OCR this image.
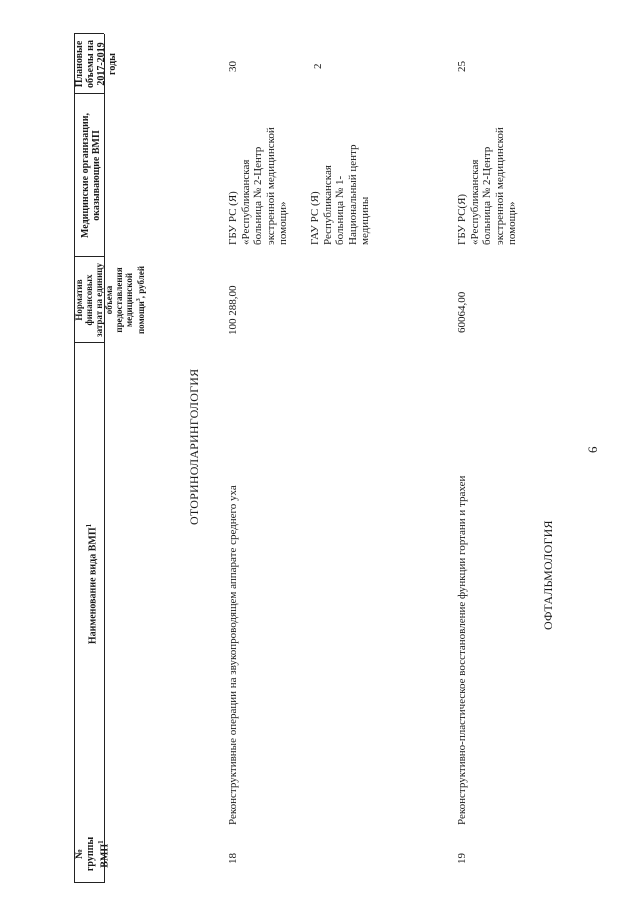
6
№ группы ВМП$^1$
Наименование вида ВМП$^1$
Норматив финансовых затрат на единицу объема предоставления медицинской помощи$^3$, рублей
Медицинские организации, оказывающие ВМП
Плановые объемы на 2017-2019 годы
ОТОРИНОЛАРИНГОЛОГИЯ
18
Реконструктивные операции на звукопроводящем аппарате среднего уха
100 288,00
ГБУ РС (Я) «Республиканская больница № 2-Центр экстренной медицинской помощи»
30
ГАУ РС (Я) Республиканская больница № 1- Национальный центр медицины
2
19
Реконструктивно-пластическое восстановление функции гортани и трахеи
60064,00
ГБУ РС(Я) «Республиканская больница № 2-Центр экстренной медицинской помощи»
25
ОФТАЛЬМОЛОГИЯ
